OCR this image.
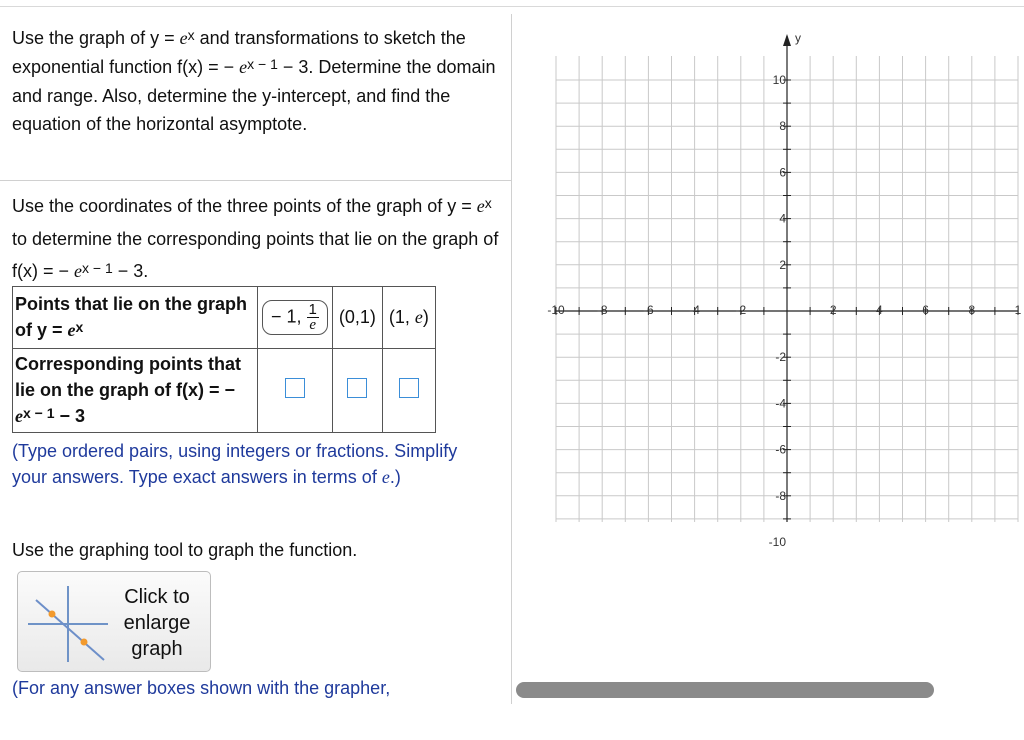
Use the graph of $y = e^x$ and transformations to sketch the exponential function f(x) = − $e^{x - 1} - 3$. Determine the domain and range. Also, determine the y-intercept, and find the equation of the horizontal asymptote.
Use the coordinates of the three points of the graph of $y = e^x$ to determine the corresponding points that lie on the graph of f(x) = − $e^{x - 1} - 3$.
Points that lie on the graph of $y = e^x$	− 1, $\frac{1}{e}$	(0,1)	(1, e)
Corresponding points that lie on the graph of f(x) = − $e^{x - 1} - 3$			
(Type ordered pairs, using integers or fractions. Simplify your answers. Type exact answers in terms of e.)
Use the graphing tool to graph the function.
Click to enlarge graph
(For any answer boxes shown with the grapher,
-10	-8	-6	-4	-2	2	4	6	8	1
10
8
6
4
2
-2
-4
-6
-8
-10
y
